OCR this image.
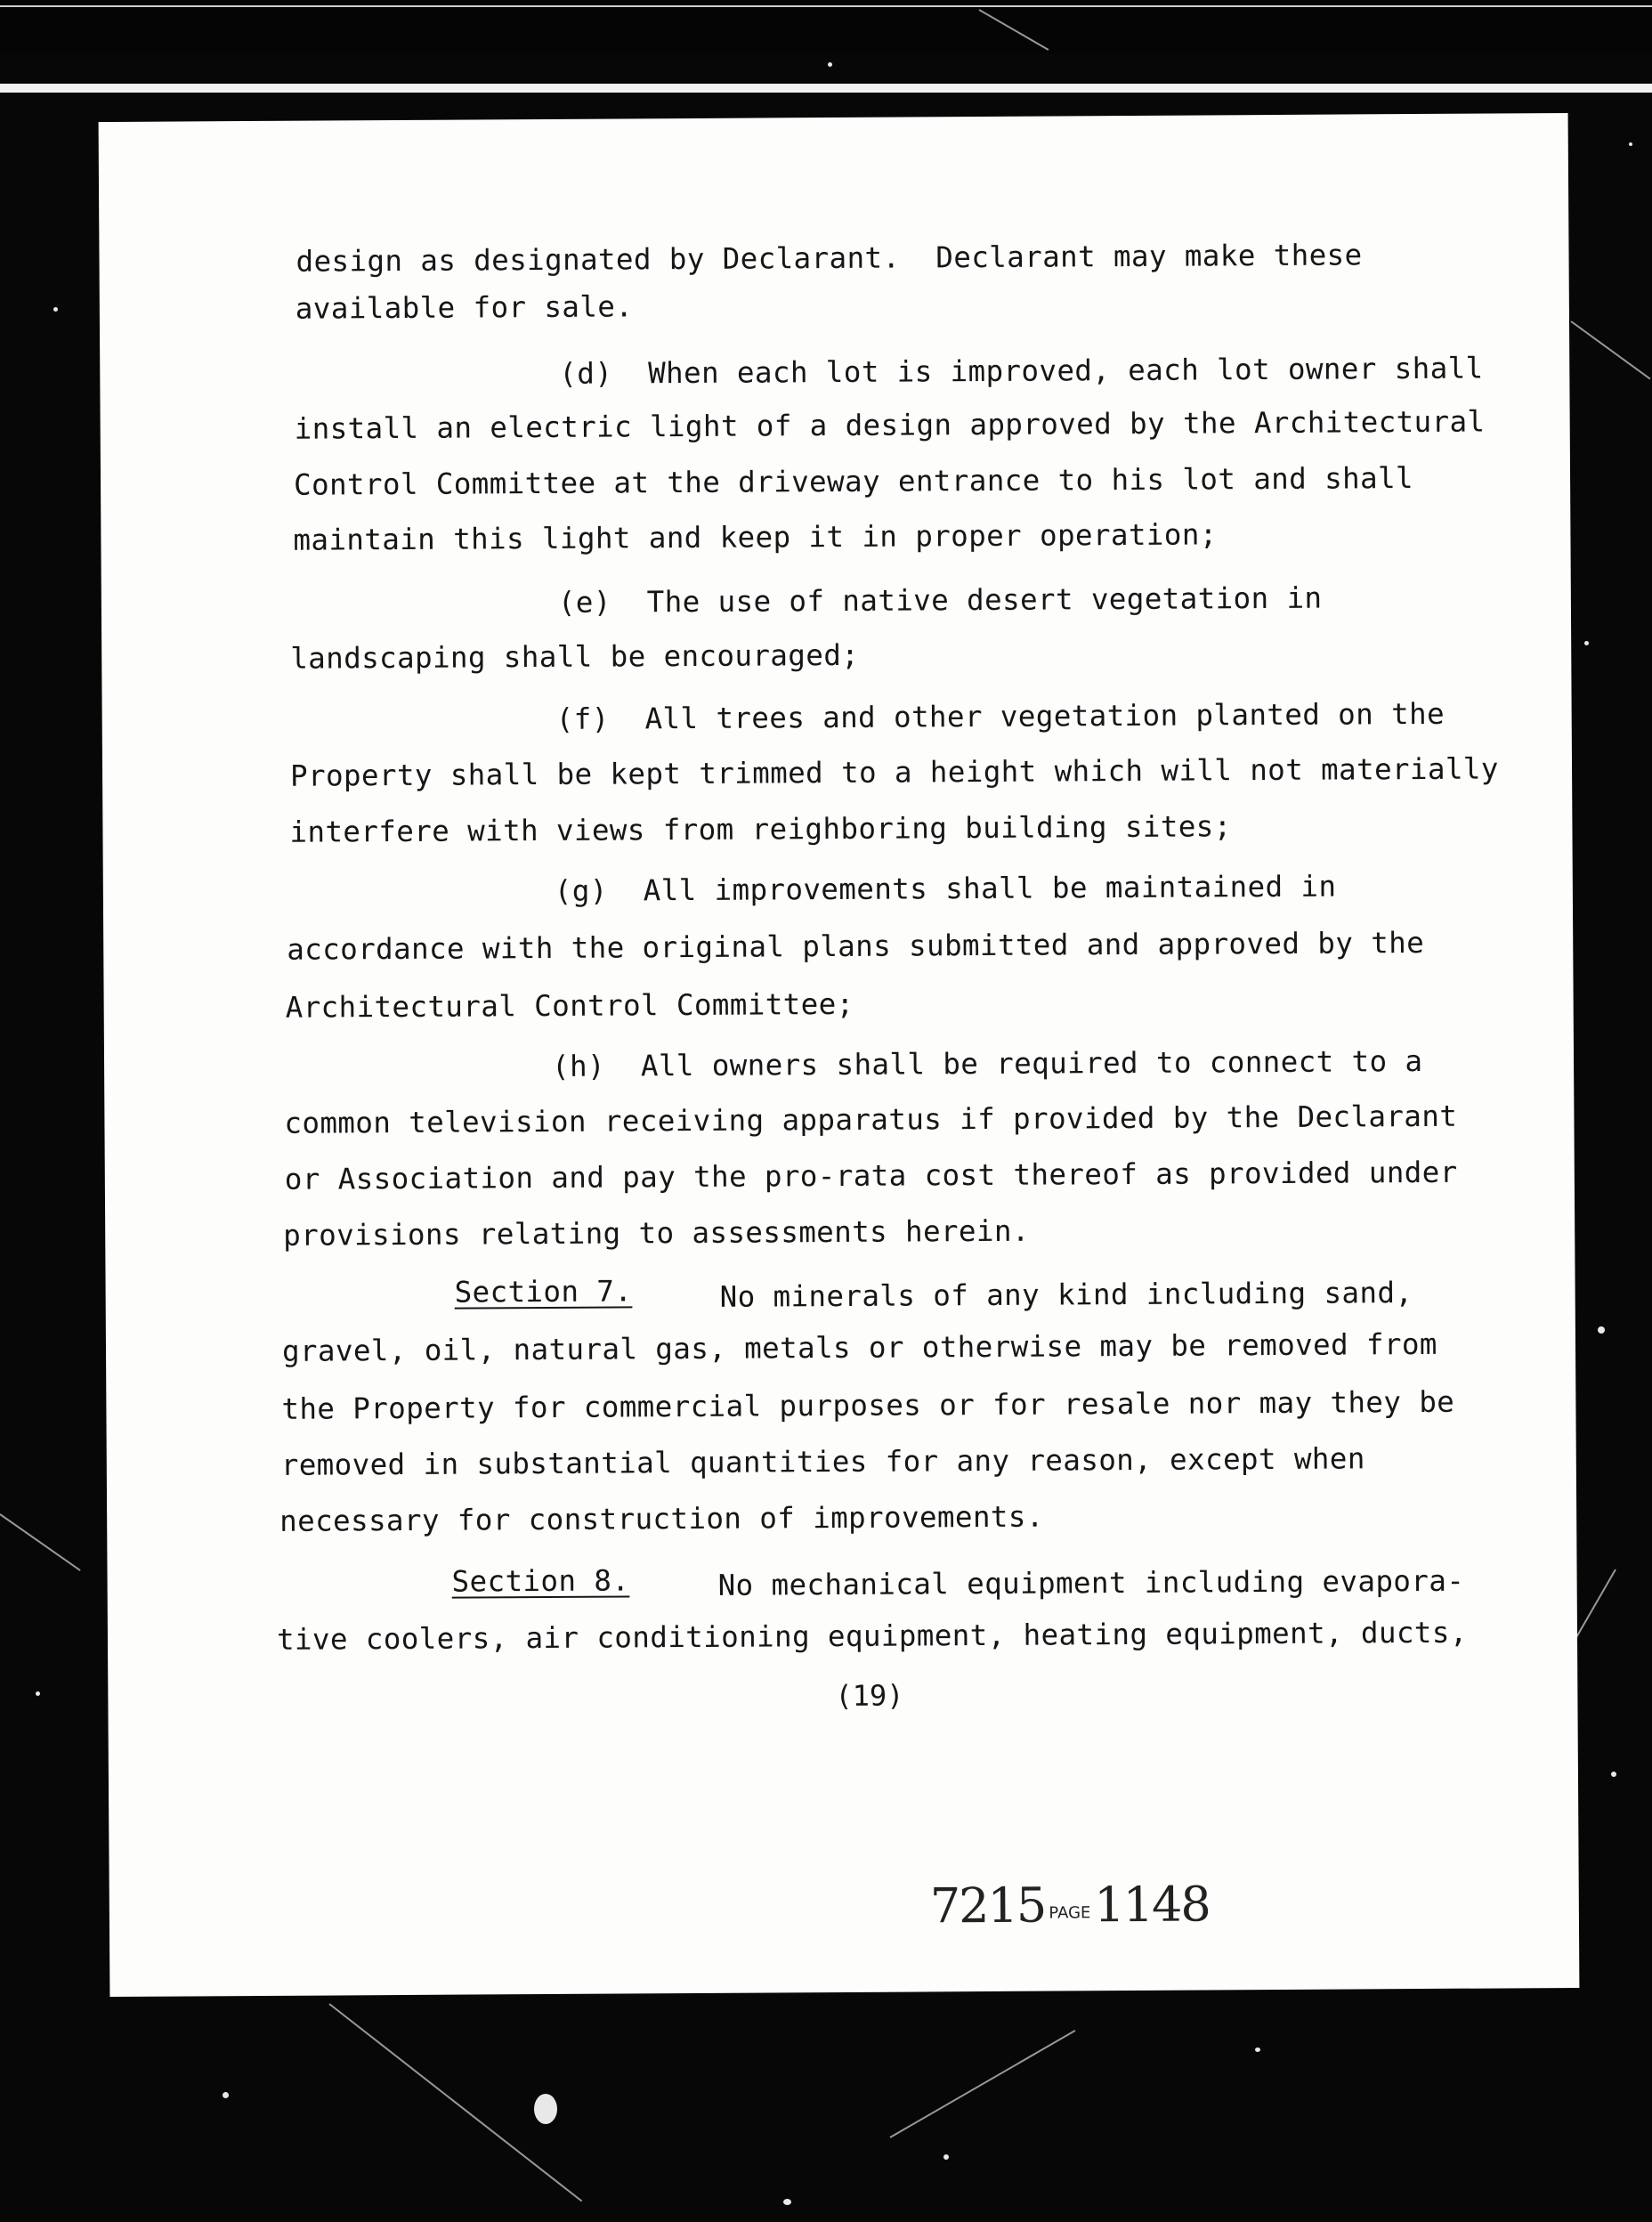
design as designated by Declarant.  Declarant may make these
available for sale.
(d)  When each lot is improved, each lot owner shall
install an electric light of a design approved by the Architectural
Control Committee at the driveway entrance to his lot and shall
maintain this light and keep it in proper operation;
(e)  The use of native desert vegetation in
landscaping shall be encouraged;
(f)  All trees and other vegetation planted on the
Property shall be kept trimmed to a height which will not materially
interfere with views from reighboring building sites;
(g)  All improvements shall be maintained in
accordance with the original plans submitted and approved by the
Architectural Control Committee;
(h)  All owners shall be required to connect to a
common television receiving apparatus if provided by the Declarant
or Association and pay the pro-rata cost thereof as provided under
provisions relating to assessments herein.
Section 7.	No minerals of any kind including sand,
gravel, oil, natural gas, metals or otherwise may be removed from
the Property for commercial purposes or for resale nor may they be
removed in substantial quantities for any reason, except when
necessary for construction of improvements.
Section 8.	No mechanical equipment including evapora-
tive coolers, air conditioning equipment, heating equipment, ducts,
(19)
7215 PAGE1148
